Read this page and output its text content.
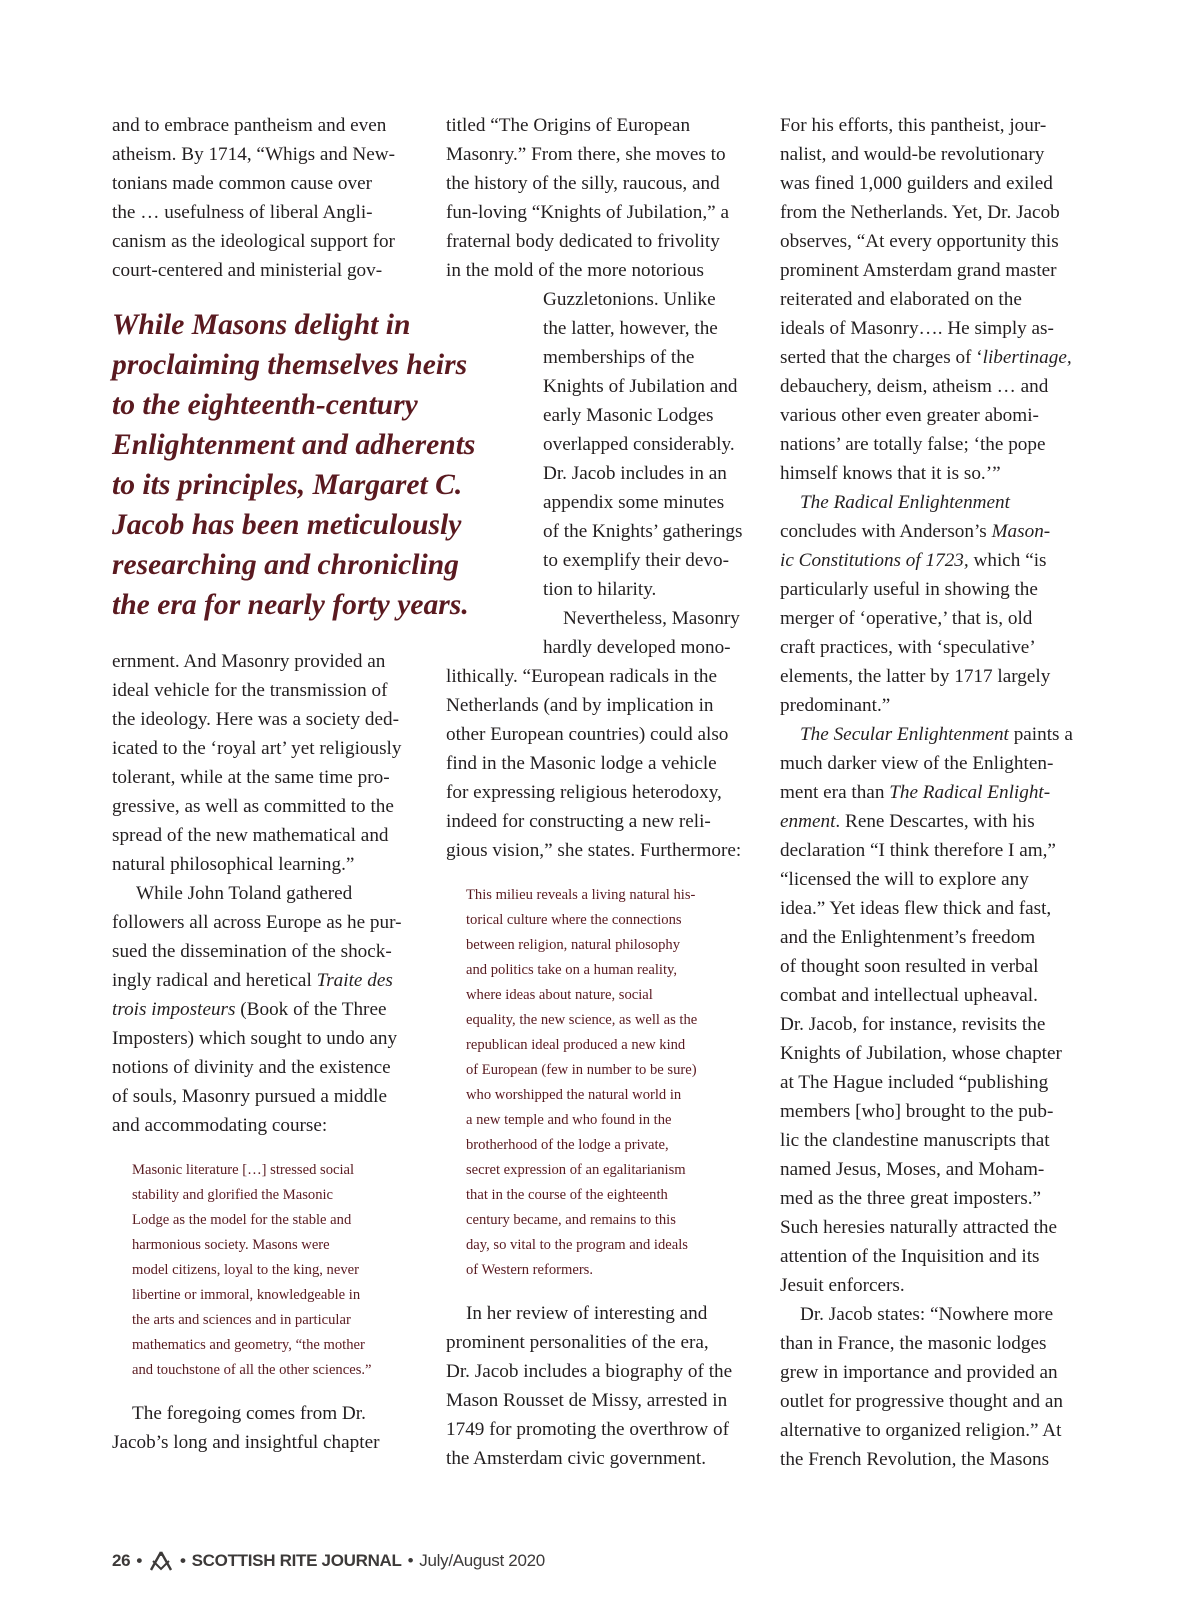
and to embrace pantheism and even
atheism. By 1714, “Whigs and New-
tonians made common cause over
the … usefulness of liberal Angli-
canism as the ideological support for
court-centered and ministerial gov-
While Masons delight in
proclaiming themselves heirs
to the eighteenth-century
Enlightenment and adherents
to its principles, Margaret C.
Jacob has been meticulously
researching and chronicling
the era for nearly forty years.
ernment. And Masonry provided an
ideal vehicle for the transmission of
the ideology. Here was a society ded-
icated to the ‘royal art’ yet religiously
tolerant, while at the same time pro-
gressive, as well as committed to the
spread of the new mathematical and
natural philosophical learning.”
While John Toland gathered
followers all across Europe as he pur-
sued the dissemination of the shock-
ingly radical and heretical Traite des
trois imposteurs (Book of the Three
Imposters) which sought to undo any
notions of divinity and the existence
of souls, Masonry pursued a middle
and accommodating course:
Masonic literature […] stressed social
stability and glorified the Masonic
Lodge as the model for the stable and
harmonious society. Masons were
model citizens, loyal to the king, never
libertine or immoral, knowledgeable in
the arts and sciences and in particular
mathematics and geometry, “the mother
and touchstone of all the other sciences.”
The foregoing comes from Dr.
Jacob’s long and insightful chapter
titled “The Origins of European
Masonry.” From there, she moves to
the history of the silly, raucous, and
fun-loving “Knights of Jubilation,” a
fraternal body dedicated to frivolity
in the mold of the more notorious
Guzzletonions. Unlike
the latter, however, the
memberships of the
Knights of Jubilation and
early Masonic Lodges
overlapped considerably.
Dr. Jacob includes in an
appendix some minutes
of the Knights’ gatherings
to exemplify their devo-
tion to hilarity.
Nevertheless, Masonry
hardly developed mono-
lithically. “European radicals in the
Netherlands (and by implication in
other European countries) could also
find in the Masonic lodge a vehicle
for expressing religious heterodoxy,
indeed for constructing a new reli-
gious vision,” she states. Furthermore:
This milieu reveals a living natural his-
torical culture where the connections
between religion, natural philosophy
and politics take on a human reality,
where ideas about nature, social
equality, the new science, as well as the
republican ideal produced a new kind
of European (few in number to be sure)
who worshipped the natural world in
a new temple and who found in the
brotherhood of the lodge a private,
secret expression of an egalitarianism
that in the course of the eighteenth
century became, and remains to this
day, so vital to the program and ideals
of Western reformers.
In her review of interesting and
prominent personalities of the era,
Dr. Jacob includes a biography of the
Mason Rousset de Missy, arrested in
1749 for promoting the overthrow of
the Amsterdam civic government.
For his efforts, this pantheist, jour-
nalist, and would-be revolutionary
was fined 1,000 guilders and exiled
from the Netherlands. Yet, Dr. Jacob
observes, “At every opportunity this
prominent Amsterdam grand master
reiterated and elaborated on the
ideals of Masonry…. He simply as-
serted that the charges of ‘libertinage,
debauchery, deism, atheism … and
various other even greater abomi-
nations’ are totally false; ‘the pope
himself knows that it is so.’”
The Radical Enlightenment
concludes with Anderson’s Mason-
ic Constitutions of 1723, which “is
particularly useful in showing the
merger of ‘operative,’ that is, old
craft practices, with ‘speculative’
elements, the latter by 1717 largely
predominant.”
The Secular Enlightenment paints a
much darker view of the Enlighten-
ment era than The Radical Enlight-
enment. Rene Descartes, with his
declaration “I think therefore I am,”
“licensed the will to explore any
idea.” Yet ideas flew thick and fast,
and the Enlightenment’s freedom
of thought soon resulted in verbal
combat and intellectual upheaval.
Dr. Jacob, for instance, revisits the
Knights of Jubilation, whose chapter
at The Hague included “publishing
members [who] brought to the pub-
lic the clandestine manuscripts that
named Jesus, Moses, and Moham-
med as the three great imposters.”
Such heresies naturally attracted the
attention of the Inquisition and its
Jesuit enforcers.
Dr. Jacob states: “Nowhere more
than in France, the masonic lodges
grew in importance and provided an
outlet for progressive thought and an
alternative to organized religion.” At
the French Revolution, the Masons
26 • • SCOTTISH RITE JOURNAL • July/August 2020
